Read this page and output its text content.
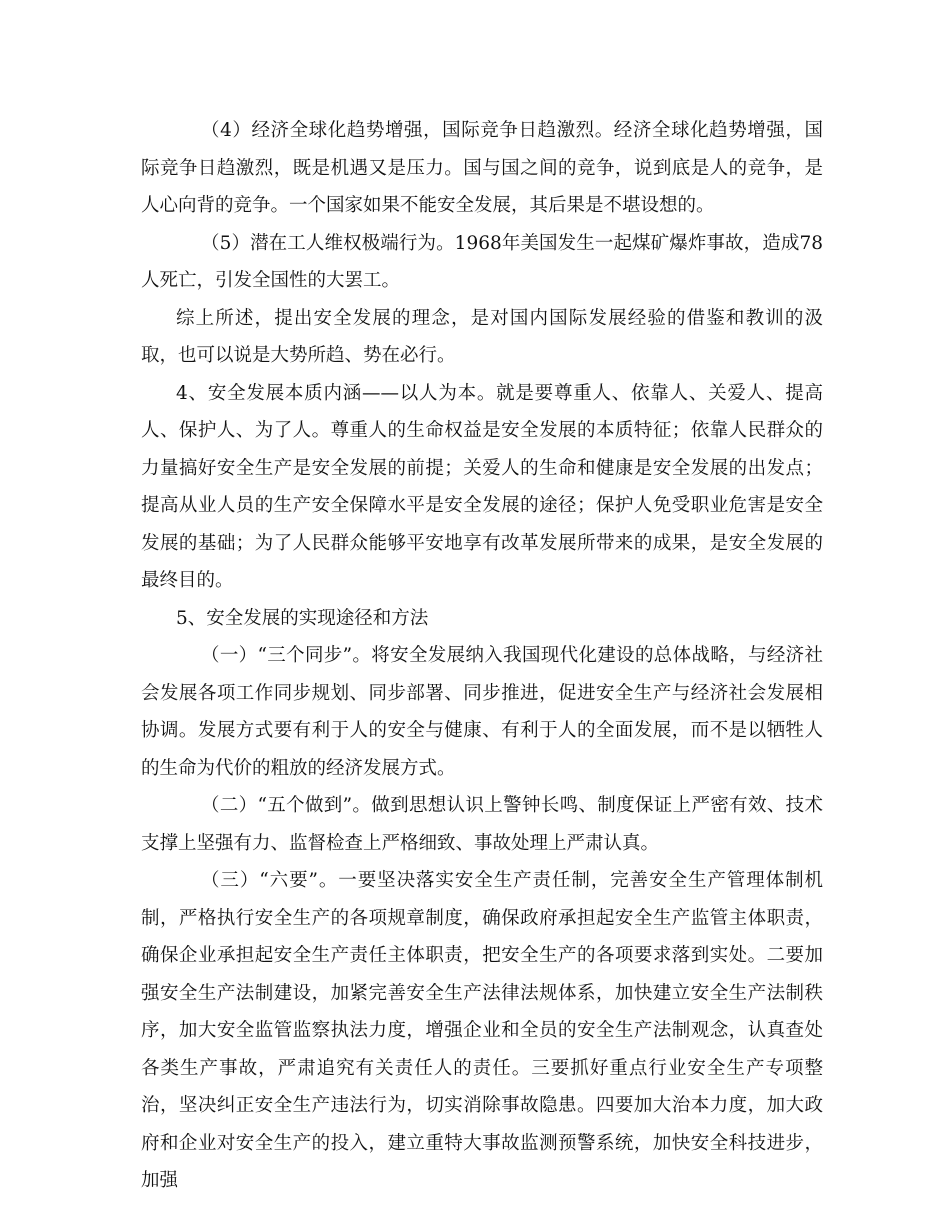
（4）经济全球化趋势增强，国际竞争日趋激烈。经济全球化趋势增强，国际竞争日趋激烈，既是机遇又是压力。国与国之间的竞争，说到底是人的竞争，是人心向背的竞争。一个国家如果不能安全发展，其后果是不堪设想的。

（5）潜在工人维权极端行为。1968年美国发生一起煤矿爆炸事故，造成78人死亡，引发全国性的大罢工。

综上所述，提出安全发展的理念，是对国内国际发展经验的借鉴和教训的汲取，也可以说是大势所趋、势在必行。

4、安全发展本质内涵——以人为本。就是要尊重人、依靠人、关爱人、提高人、保护人、为了人。尊重人的生命权益是安全发展的本质特征；依靠人民群众的力量搞好安全生产是安全发展的前提；关爱人的生命和健康是安全发展的出发点；提高从业人员的生产安全保障水平是安全发展的途径；保护人免受职业危害是安全发展的基础；为了人民群众能够平安地享有改革发展所带来的成果，是安全发展的最终目的。

5、安全发展的实现途径和方法

（一）“三个同步”。将安全发展纳入我国现代化建设的总体战略，与经济社会发展各项工作同步规划、同步部署、同步推进，促进安全生产与经济社会发展相协调。发展方式要有利于人的安全与健康、有利于人的全面发展，而不是以牺牲人的生命为代价的粗放的经济发展方式。

（二）“五个做到”。做到思想认识上警钟长鸣、制度保证上严密有效、技术支撑上坚强有力、监督检查上严格细致、事故处理上严肃认真。

（三）“六要”。一要坚决落实安全生产责任制，完善安全生产管理体制机制，严格执行安全生产的各项规章制度，确保政府承担起安全生产监管主体职责，确保企业承担起安全生产责任主体职责，把安全生产的各项要求落到实处。二要加强安全生产法制建设，加紧完善安全生产法律法规体系，加快建立安全生产法制秩序，加大安全监管监察执法力度，增强企业和全员的安全生产法制观念，认真查处各类生产事故，严肃追究有关责任人的责任。三要抓好重点行业安全生产专项整治，坚决纠正安全生产违法行为，切实消除事故隐患。四要加大治本力度，加大政府和企业对安全生产的投入，建立重特大事故监测预警系统，加快安全科技进步，加强
